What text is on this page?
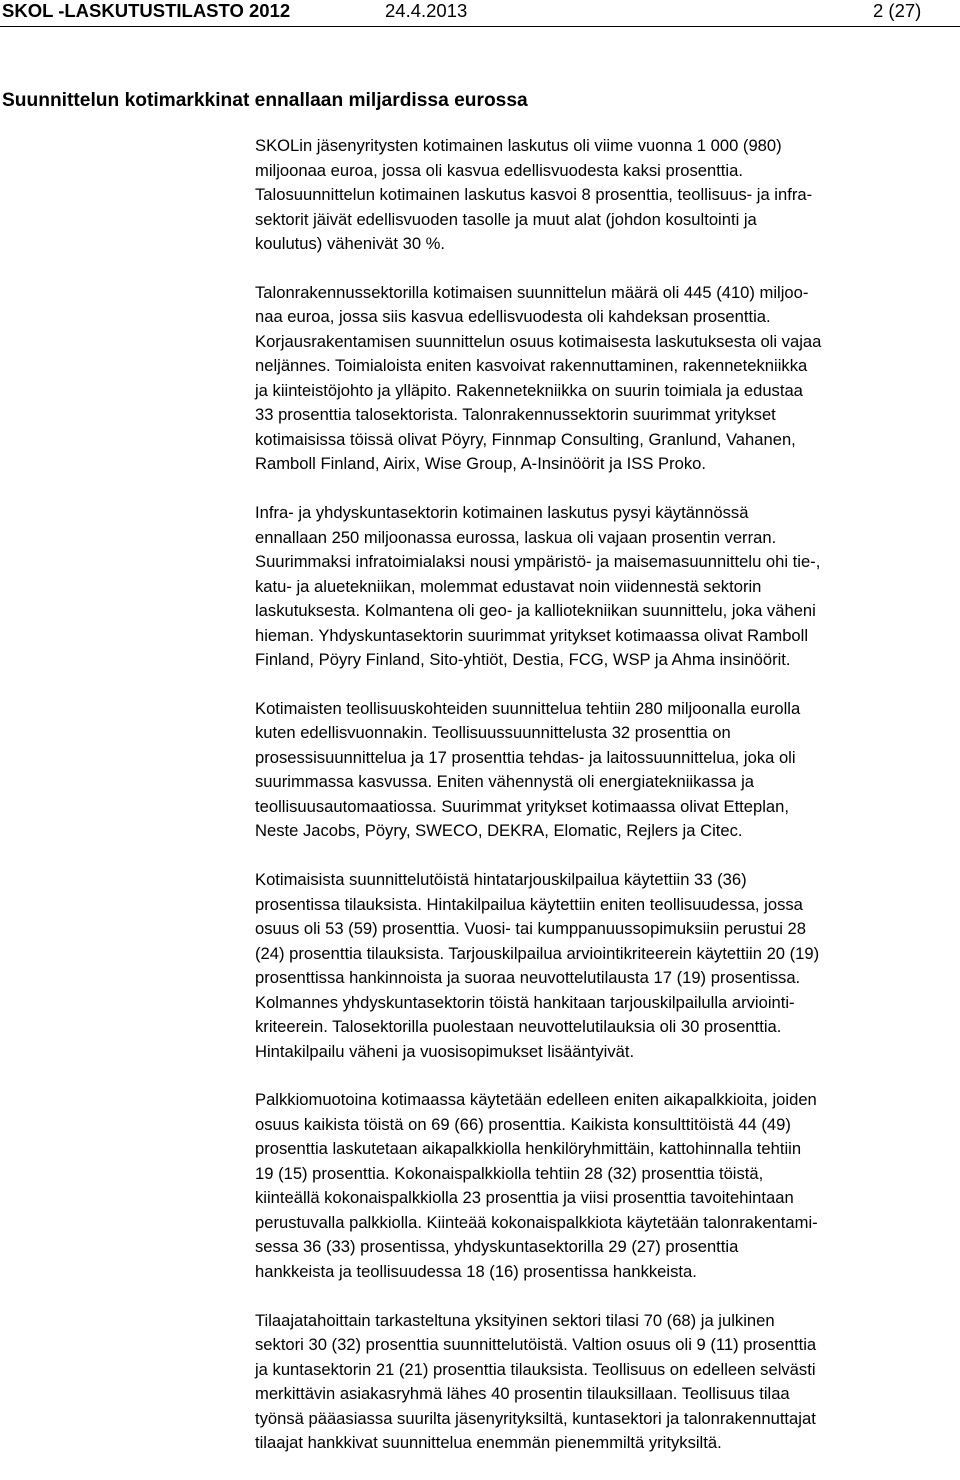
SKOL -LASKUTUSTILASTO 2012	24.4.2013	2 (27)
Suunnittelun kotimarkkinat ennallaan miljardissa eurossa

SKOLin jäsenyritysten kotimainen laskutus oli viime vuonna 1 000 (980)
miljoonaa euroa, jossa oli kasvua edellisvuodesta kaksi prosenttia.
Talosuunnittelun kotimainen laskutus kasvoi 8 prosenttia, teollisuus- ja infra-
sektorit jäivät edellisvuoden tasolle ja muut alat (johdon kosultointi ja
koulutus) vähenivät 30 %.

Talonrakennussektorilla kotimaisen suunnittelun määrä oli 445 (410) miljoo-
naa euroa, jossa siis kasvua edellisvuodesta oli kahdeksan prosenttia.
Korjausrakentamisen suunnittelun osuus kotimaisesta laskutuksesta oli vajaa
neljännes. Toimialoista eniten kasvoivat rakennuttaminen, rakennetekniikka
ja kiinteistöjohto ja ylläpito. Rakennetekniikka on suurin toimiala ja edustaa
33 prosenttia talosektorista. Talonrakennussektorin suurimmat yritykset
kotimaisissa töissä olivat Pöyry, Finnmap Consulting, Granlund, Vahanen,
Ramboll Finland, Airix, Wise Group, A-Insinöörit ja ISS Proko.

Infra- ja yhdyskuntasektorin kotimainen laskutus pysyi käytännössä
ennallaan 250 miljoonassa eurossa, laskua oli vajaan prosentin verran.
Suurimmaksi infratoimialaksi nousi ympäristö- ja maisemasuunnittelu ohi tie-,
katu- ja aluetekniikan, molemmat edustavat noin viidennestä sektorin
laskutuksesta. Kolmantena oli geo- ja kalliotekniikan suunnittelu, joka väheni
hieman. Yhdyskuntasektorin suurimmat yritykset kotimaassa olivat Ramboll
Finland, Pöyry Finland, Sito-yhtiöt, Destia, FCG, WSP ja Ahma insinöörit.

Kotimaisten teollisuuskohteiden suunnittelua tehtiin 280 miljoonalla eurolla
kuten edellisvuonnakin. Teollisuussuunnittelusta 32 prosenttia on
prosessisuunnittelua ja 17 prosenttia tehdas- ja laitossuunnittelua, joka oli
suurimmassa kasvussa. Eniten vähennystä oli energiatekniikassa ja
teollisuusautomaatiossa. Suurimmat yritykset kotimaassa olivat Etteplan,
Neste Jacobs, Pöyry, SWECO, DEKRA, Elomatic, Rejlers ja Citec.

Kotimaisista suunnittelutöistä hintatarjouskilpailua käytettiin 33 (36)
prosentissa tilauksista. Hintakilpailua käytettiin eniten teollisuudessa, jossa
osuus oli 53 (59) prosenttia. Vuosi- tai kumppanuussopimuksiin perustui 28
(24) prosenttia tilauksista. Tarjouskilpailua arviointikriteerein käytettiin 20 (19)
prosenttissa hankinnoista ja suoraa neuvottelutilausta 17 (19) prosentissa.
Kolmannes yhdyskuntasektorin töistä hankitaan tarjouskilpailulla arviointi-
kriteerein. Talosektorilla puolestaan neuvottelutilauksia oli 30 prosenttia.
Hintakilpailu väheni ja vuosisopimukset lisääntyivät.

Palkkiomuotoina kotimaassa käytetään edelleen eniten aikapalkkioita, joiden
osuus kaikista töistä on 69 (66) prosenttia. Kaikista konsulttitöistä 44 (49)
prosenttia laskutetaan aikapalkkiolla henkilöryhmittäin, kattohinnalla tehtiin
19 (15) prosenttia. Kokonaispalkkiolla tehtiin 28 (32) prosenttia töistä,
kiinteällä kokonaispalkkiolla 23 prosenttia ja viisi prosenttia tavoitehintaan
perustuvalla palkkiolla. Kiinteää kokonaispalkkiota käytetään talonrakentami-
sessa 36 (33) prosentissa, yhdyskuntasektorilla 29 (27) prosenttia
hankkeista ja teollisuudessa 18 (16) prosentissa hankkeista.

Tilaajatahoittain tarkasteltuna yksityinen sektori tilasi 70 (68) ja julkinen
sektori 30 (32) prosenttia suunnittelutöistä. Valtion osuus oli 9 (11) prosenttia
ja kuntasektorin 21 (21) prosenttia tilauksista. Teollisuus on edelleen selvästi
merkittävin asiakasryhmä lähes 40 prosentin tilauksillaan. Teollisuus tilaa
työnsä pääasiassa suurilta jäsenyrityksiltä, kuntasektori ja talonrakennuttajat
tilaajat hankkivat suunnittelua enemmän pienemmiltä yrityksiltä.
